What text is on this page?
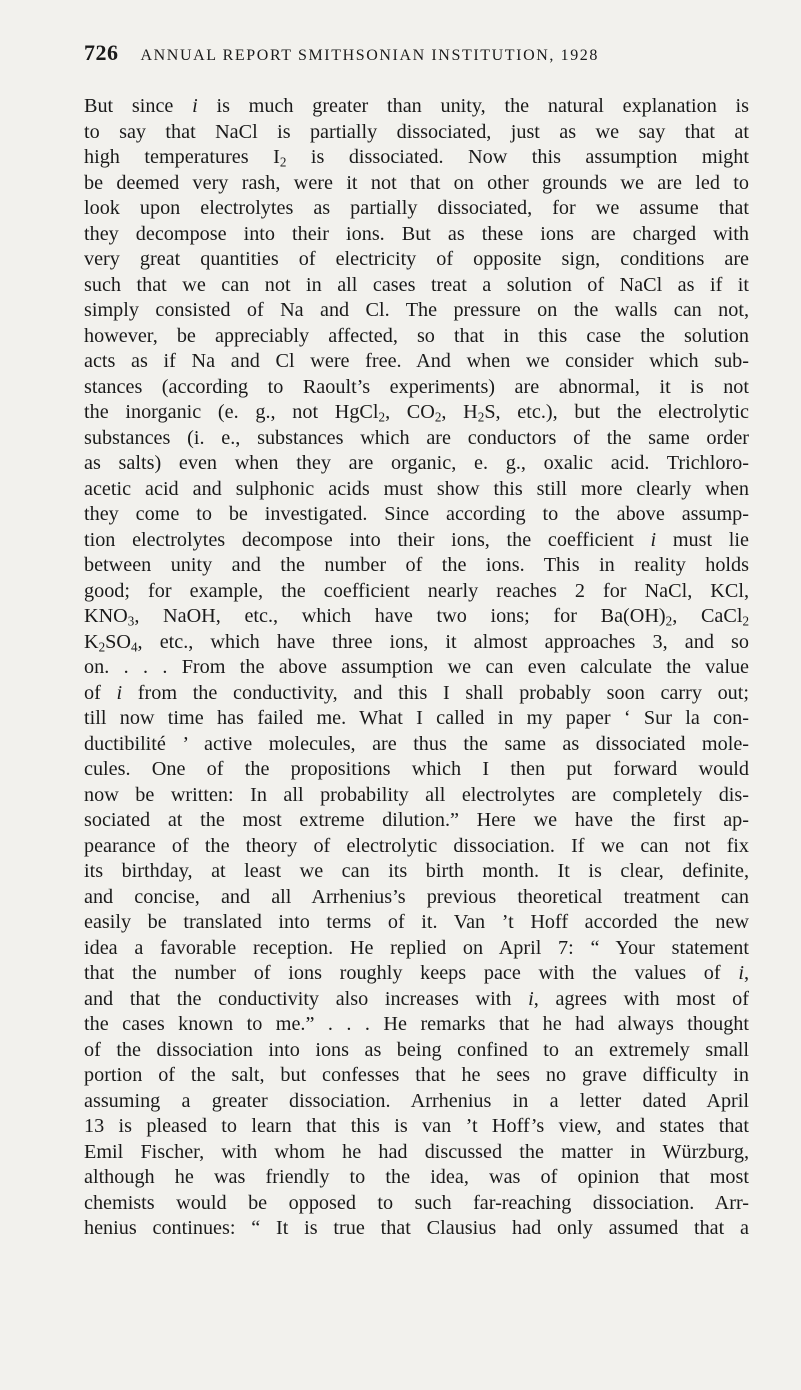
726 ANNUAL REPORT SMITHSONIAN INSTITUTION, 1928
But since i is much greater than unity, the natural explanation is
to say that NaCl is partially dissociated, just as we say that at
high temperatures $I_2$ is dissociated. Now this assumption might
be deemed very rash, were it not that on other grounds we are led to
look upon electrolytes as partially dissociated, for we assume that
they decompose into their ions. But as these ions are charged with
very great quantities of electricity of opposite sign, conditions are
such that we can not in all cases treat a solution of NaCl as if it
simply consisted of Na and Cl. The pressure on the walls can not,
however, be appreciably affected, so that in this case the solution
acts as if Na and Cl were free. And when we consider which sub-
stances (according to Raoult’s experiments) are abnormal, it is not
the inorganic (e. g., not HgCl$_2$, $CO_2$, $H_2S$, etc.), but the electrolytic
substances (i. e., substances which are conductors of the same order
as salts) even when they are organic, e. g., oxalic acid. Trichloro-
acetic acid and sulphonic acids must show this still more clearly when
they come to be investigated. Since according to the above assump-
tion electrolytes decompose into their ions, the coefficient i must lie
between unity and the number of the ions. This in reality holds
good; for example, the coefficient nearly reaches 2 for NaCl, KCl,
$KNO_3$, NaOH, etc., which have two ions; for $Ba(OH)_2$, CaCl$_2$
$K_2SO_4$, etc., which have three ions, it almost approaches 3, and so
on. . . . From the above assumption we can even calculate the value
of i from the conductivity, and this I shall probably soon carry out;
till now time has failed me. What I called in my paper ‘ Sur la con-
ductibilité ’ active molecules, are thus the same as dissociated mole-
cules. One of the propositions which I then put forward would
now be written: In all probability all electrolytes are completely dis-
sociated at the most extreme dilution.” Here we have the first ap-
pearance of the theory of electrolytic dissociation. If we can not fix
its birthday, at least we can its birth month. It is clear, definite,
and concise, and all Arrhenius’s previous theoretical treatment can
easily be translated into terms of it. Van ’t Hoff accorded the new
idea a favorable reception. He replied on April 7: “ Your statement
that the number of ions roughly keeps pace with the values of i,
and that the conductivity also increases with i, agrees with most of
the cases known to me.” . . . He remarks that he had always thought
of the dissociation into ions as being confined to an extremely small
portion of the salt, but confesses that he sees no grave difficulty in
assuming a greater dissociation. Arrhenius in a letter dated April
13 is pleased to learn that this is van ’t Hoff’s view, and states that
Emil Fischer, with whom he had discussed the matter in Würzburg,
although he was friendly to the idea, was of opinion that most
chemists would be opposed to such far-reaching dissociation. Arr-
henius continues: “ It is true that Clausius had only assumed that a
